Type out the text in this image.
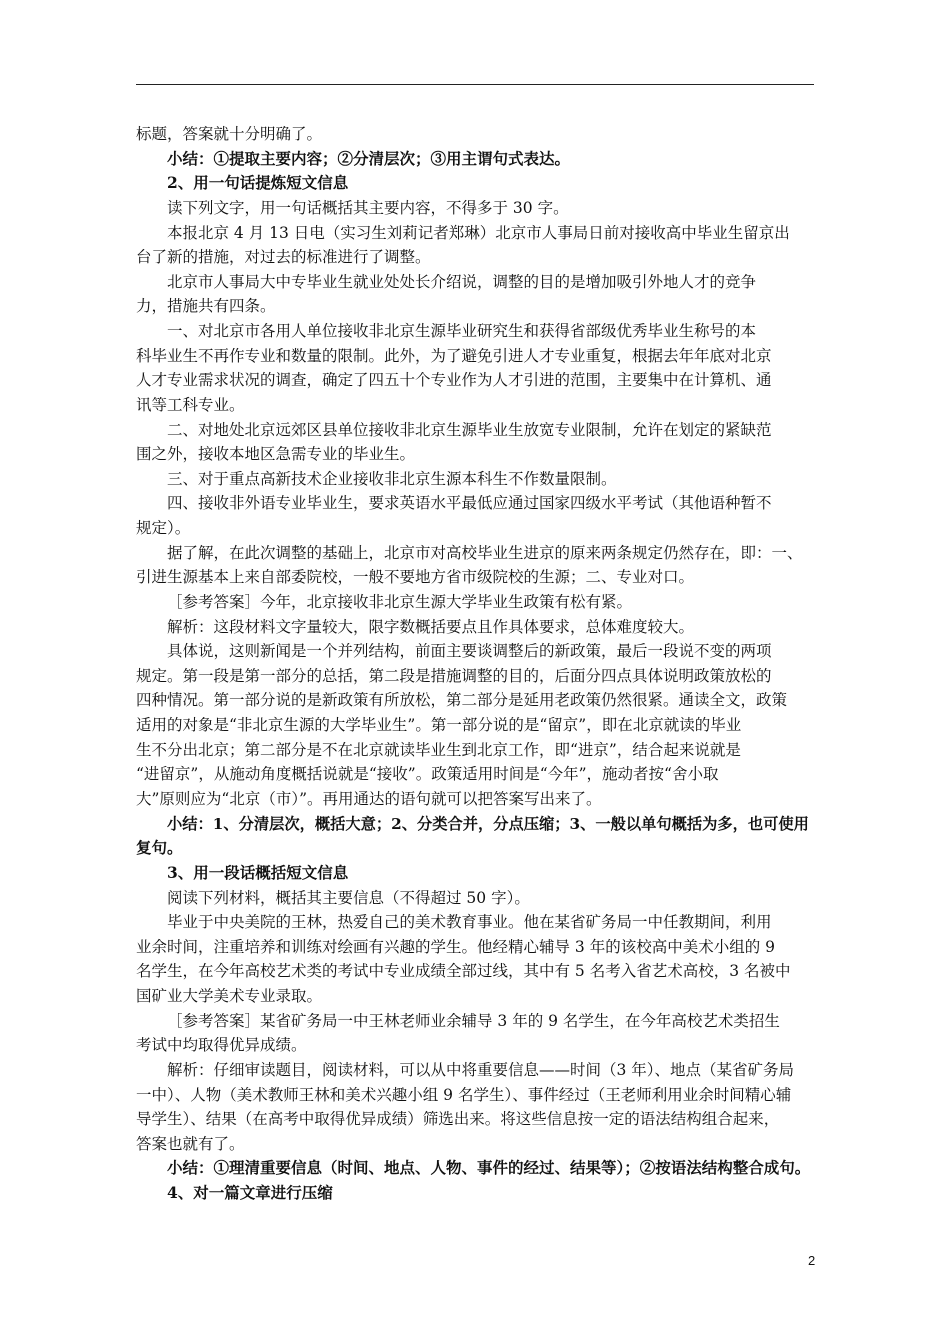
标题，答案就十分明确了。
小结：①提取主要内容；②分清层次；③用主谓句式表达。
2、用一句话提炼短文信息
读下列文字，用一句话概括其主要内容，不得多于 30 字。
本报北京 4 月 13 日电（实习生刘莉记者郑琳）北京市人事局日前对接收高中毕业生留京出
台了新的措施，对过去的标准进行了调整。
北京市人事局大中专毕业生就业处处长介绍说，调整的目的是增加吸引外地人才的竞争
力，措施共有四条。
一、对北京市各用人单位接收非北京生源毕业研究生和获得省部级优秀毕业生称号的本
科毕业生不再作专业和数量的限制。此外，为了避免引进人才专业重复，根据去年年底对北京
人才专业需求状况的调查，确定了四五十个专业作为人才引进的范围，主要集中在计算机、通
讯等工科专业。
二、对地处北京远郊区县单位接收非北京生源毕业生放宽专业限制，允许在划定的紧缺范
围之外，接收本地区急需专业的毕业生。
三、对于重点高新技术企业接收非北京生源本科生不作数量限制。
四、接收非外语专业毕业生，要求英语水平最低应通过国家四级水平考试（其他语种暂不
规定）。
据了解，在此次调整的基础上，北京市对高校毕业生进京的原来两条规定仍然存在，即：一、
引进生源基本上来自部委院校，一般不要地方省市级院校的生源；二、专业对口。
［参考答案］今年，北京接收非北京生源大学毕业生政策有松有紧。
解析：这段材料文字量较大，限字数概括要点且作具体要求，总体难度较大。
具体说，这则新闻是一个并列结构，前面主要谈调整后的新政策，最后一段说不变的两项
规定。第一段是第一部分的总括，第二段是措施调整的目的，后面分四点具体说明政策放松的
四种情况。第一部分说的是新政策有所放松，第二部分是延用老政策仍然很紧。通读全文，政策
适用的对象是“非北京生源的大学毕业生”。第一部分说的是“留京”，即在北京就读的毕业
生不分出北京；第二部分是不在北京就读毕业生到北京工作，即“进京”，结合起来说就是
“进留京”，从施动角度概括说就是“接收”。政策适用时间是“今年”，施动者按“舍小取
大”原则应为“北京（市）”。再用通达的语句就可以把答案写出来了。
小结：1、分清层次，概括大意；2、分类合并，分点压缩；3、一般以单句概括为多，也可使用
复句。
3、用一段话概括短文信息
阅读下列材料，概括其主要信息（不得超过 50 字）。
毕业于中央美院的王林，热爱自己的美术教育事业。他在某省矿务局一中任教期间，利用
业余时间，注重培养和训练对绘画有兴趣的学生。他经精心辅导 3 年的该校高中美术小组的 9
名学生，在今年高校艺术类的考试中专业成绩全部过线，其中有 5 名考入省艺术高校，3 名被中
国矿业大学美术专业录取。
［参考答案］某省矿务局一中王林老师业余辅导 3 年的 9 名学生，在今年高校艺术类招生
考试中均取得优异成绩。
解析：仔细审读题目，阅读材料，可以从中将重要信息——时间（3 年）、地点（某省矿务局
一中）、人物（美术教师王林和美术兴趣小组 9 名学生）、事件经过（王老师利用业余时间精心辅
导学生）、结果（在高考中取得优异成绩）筛选出来。将这些信息按一定的语法结构组合起来，
答案也就有了。
小结：①理清重要信息（时间、地点、人物、事件的经过、结果等）；②按语法结构整合成句。
4、对一篇文章进行压缩
2
